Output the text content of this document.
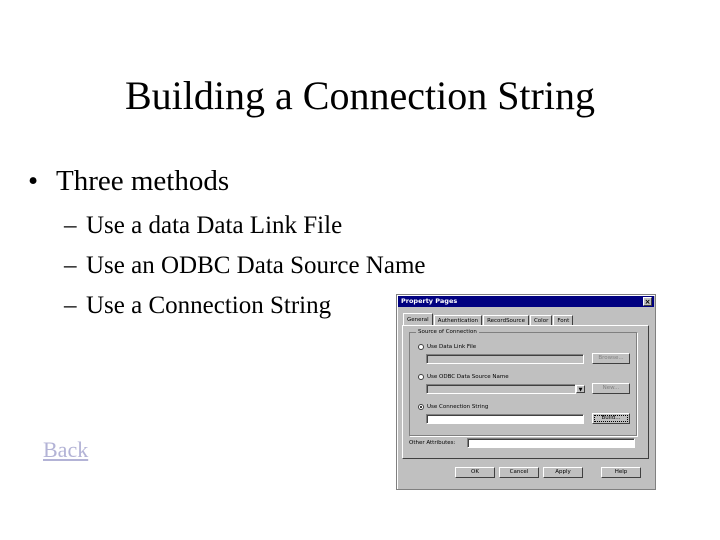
Building a Connection String
• Three methods
– Use a data Data Link File
– Use an ODBC Data Source Name
– Use a Connection String
Back
Property Pages	×
General	Authentication	RecordSource	Color	Font
Source of Connection
Use Data Link File
Browse...
Use ODBC Data Source Name
▼	New...
Use Connection String
Build...
Other Attributes:
OK	Cancel	Apply	Help
